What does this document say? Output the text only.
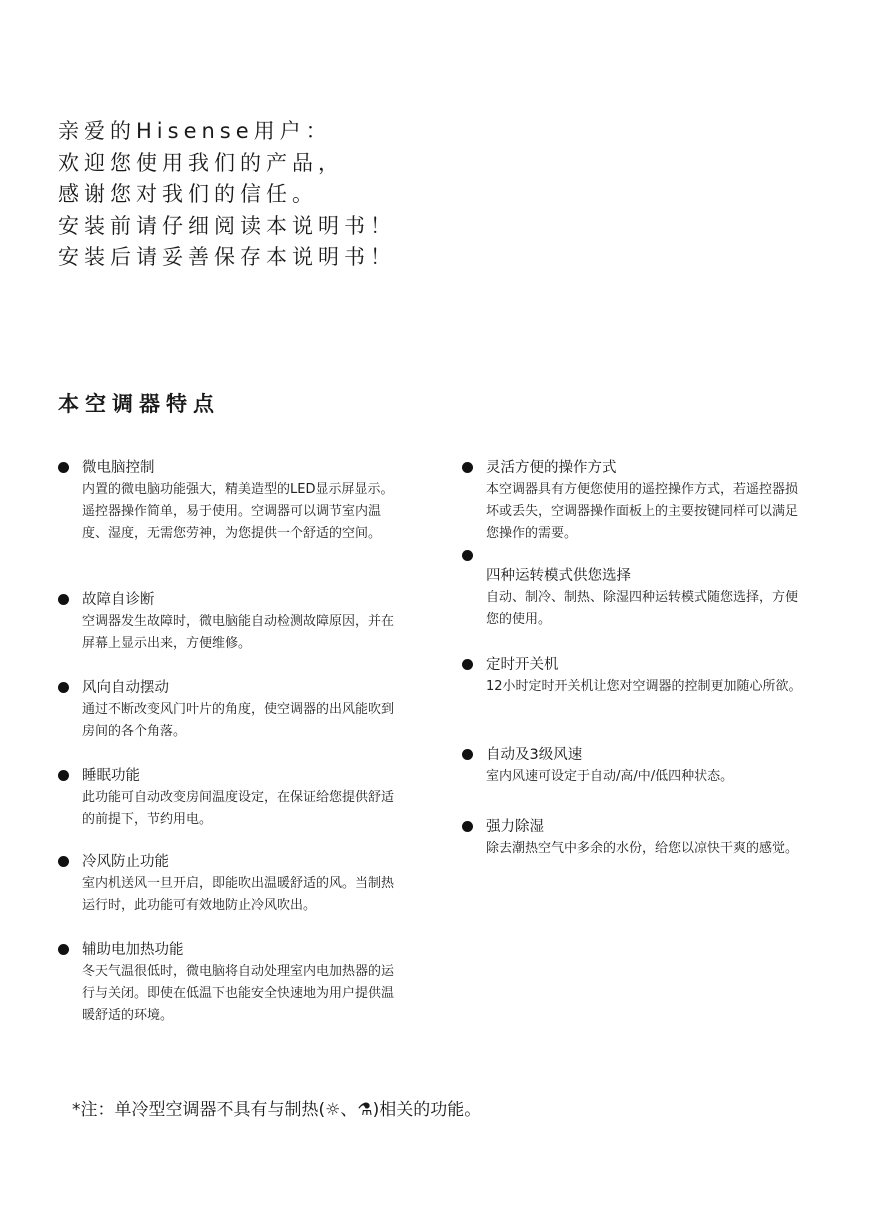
亲爱的Hisense用户：
欢迎您使用我们的产品，
感谢您对我们的信任。
安装前请仔细阅读本说明书！
安装后请妥善保存本说明书！
本空调器特点
微电脑控制
内置的微电脑功能强大，精美造型的LED显示屏显示。遥控器操作简单，易于使用。空调器可以调节室内温度、湿度，无需您劳神，为您提供一个舒适的空间。
故障自诊断
空调器发生故障时，微电脑能自动检测故障原因，并在屏幕上显示出来，方便维修。
风向自动摆动
通过不断改变风门叶片的角度，使空调器的出风能吹到房间的各个角落。
睡眠功能
此功能可自动改变房间温度设定，在保证给您提供舒适的前提下，节约用电。
冷风防止功能
室内机送风一旦开启，即能吹出温暖舒适的风。当制热运行时，此功能可有效地防止冷风吹出。
辅助电加热功能
冬天气温很低时，微电脑将自动处理室内电加热器的运行与关闭。即使在低温下也能安全快速地为用户提供温暖舒适的环境。
灵活方便的操作方式
本空调器具有方便您使用的遥控操作方式，若遥控器损坏或丢失，空调器操作面板上的主要按键同样可以满足您操作的需要。
四种运转模式供您选择
自动、制冷、制热、除湿四种运转模式随您选择，方便您的使用。
定时开关机
12小时定时开关机让您对空调器的控制更加随心所欲。
自动及3级风速
室内风速可设定于自动/高/中/低四种状态。
强力除湿
除去潮热空气中多余的水份，给您以凉快干爽的感觉。
*注：单冷型空调器不具有与制热(☼、⚗)相关的功能。
